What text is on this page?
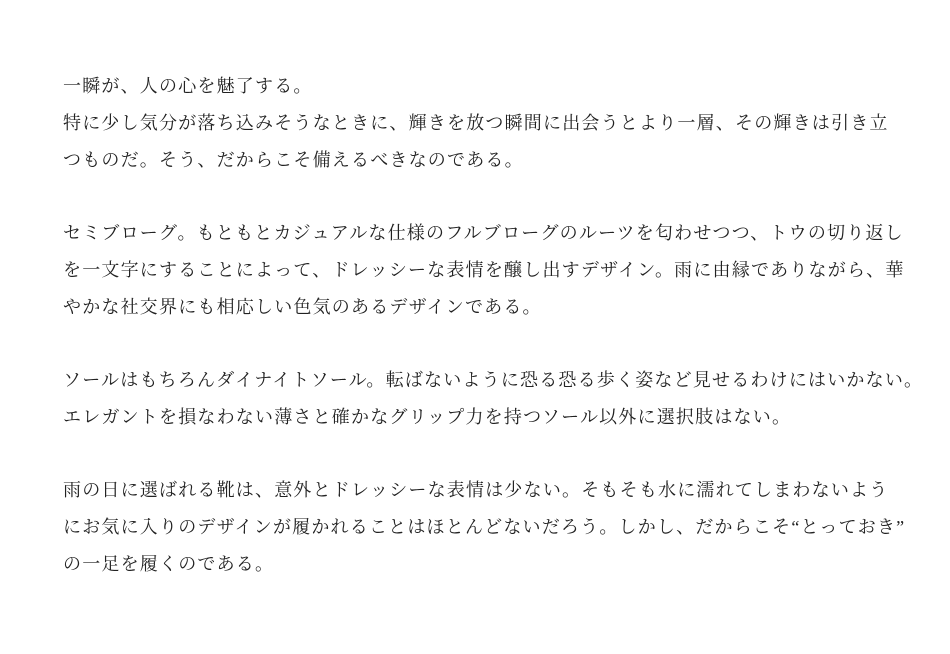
一瞬が、人の心を魅了する。
特に少し気分が落ち込みそうなときに、輝きを放つ瞬間に出会うとより一層、その輝きは引き立
つものだ。そう、だからこそ備えるべきなのである。
セミブローグ。もともとカジュアルな仕様のフルブローグのルーツを匂わせつつ、トウの切り返し
を一文字にすることによって、ドレッシーな表情を醸し出すデザイン。雨に由縁でありながら、華
やかな社交界にも相応しい色気のあるデザインである。
ソールはもちろんダイナイトソール。転ばないように恐る恐る歩く姿など見せるわけにはいかない。
エレガントを損なわない薄さと確かなグリップ力を持つソール以外に選択肢はない。
雨の日に選ばれる靴は、意外とドレッシーな表情は少ない。そもそも水に濡れてしまわないよう
にお気に入りのデザインが履かれることはほとんどないだろう。しかし、だからこそ“とっておき”
の一足を履くのである。
